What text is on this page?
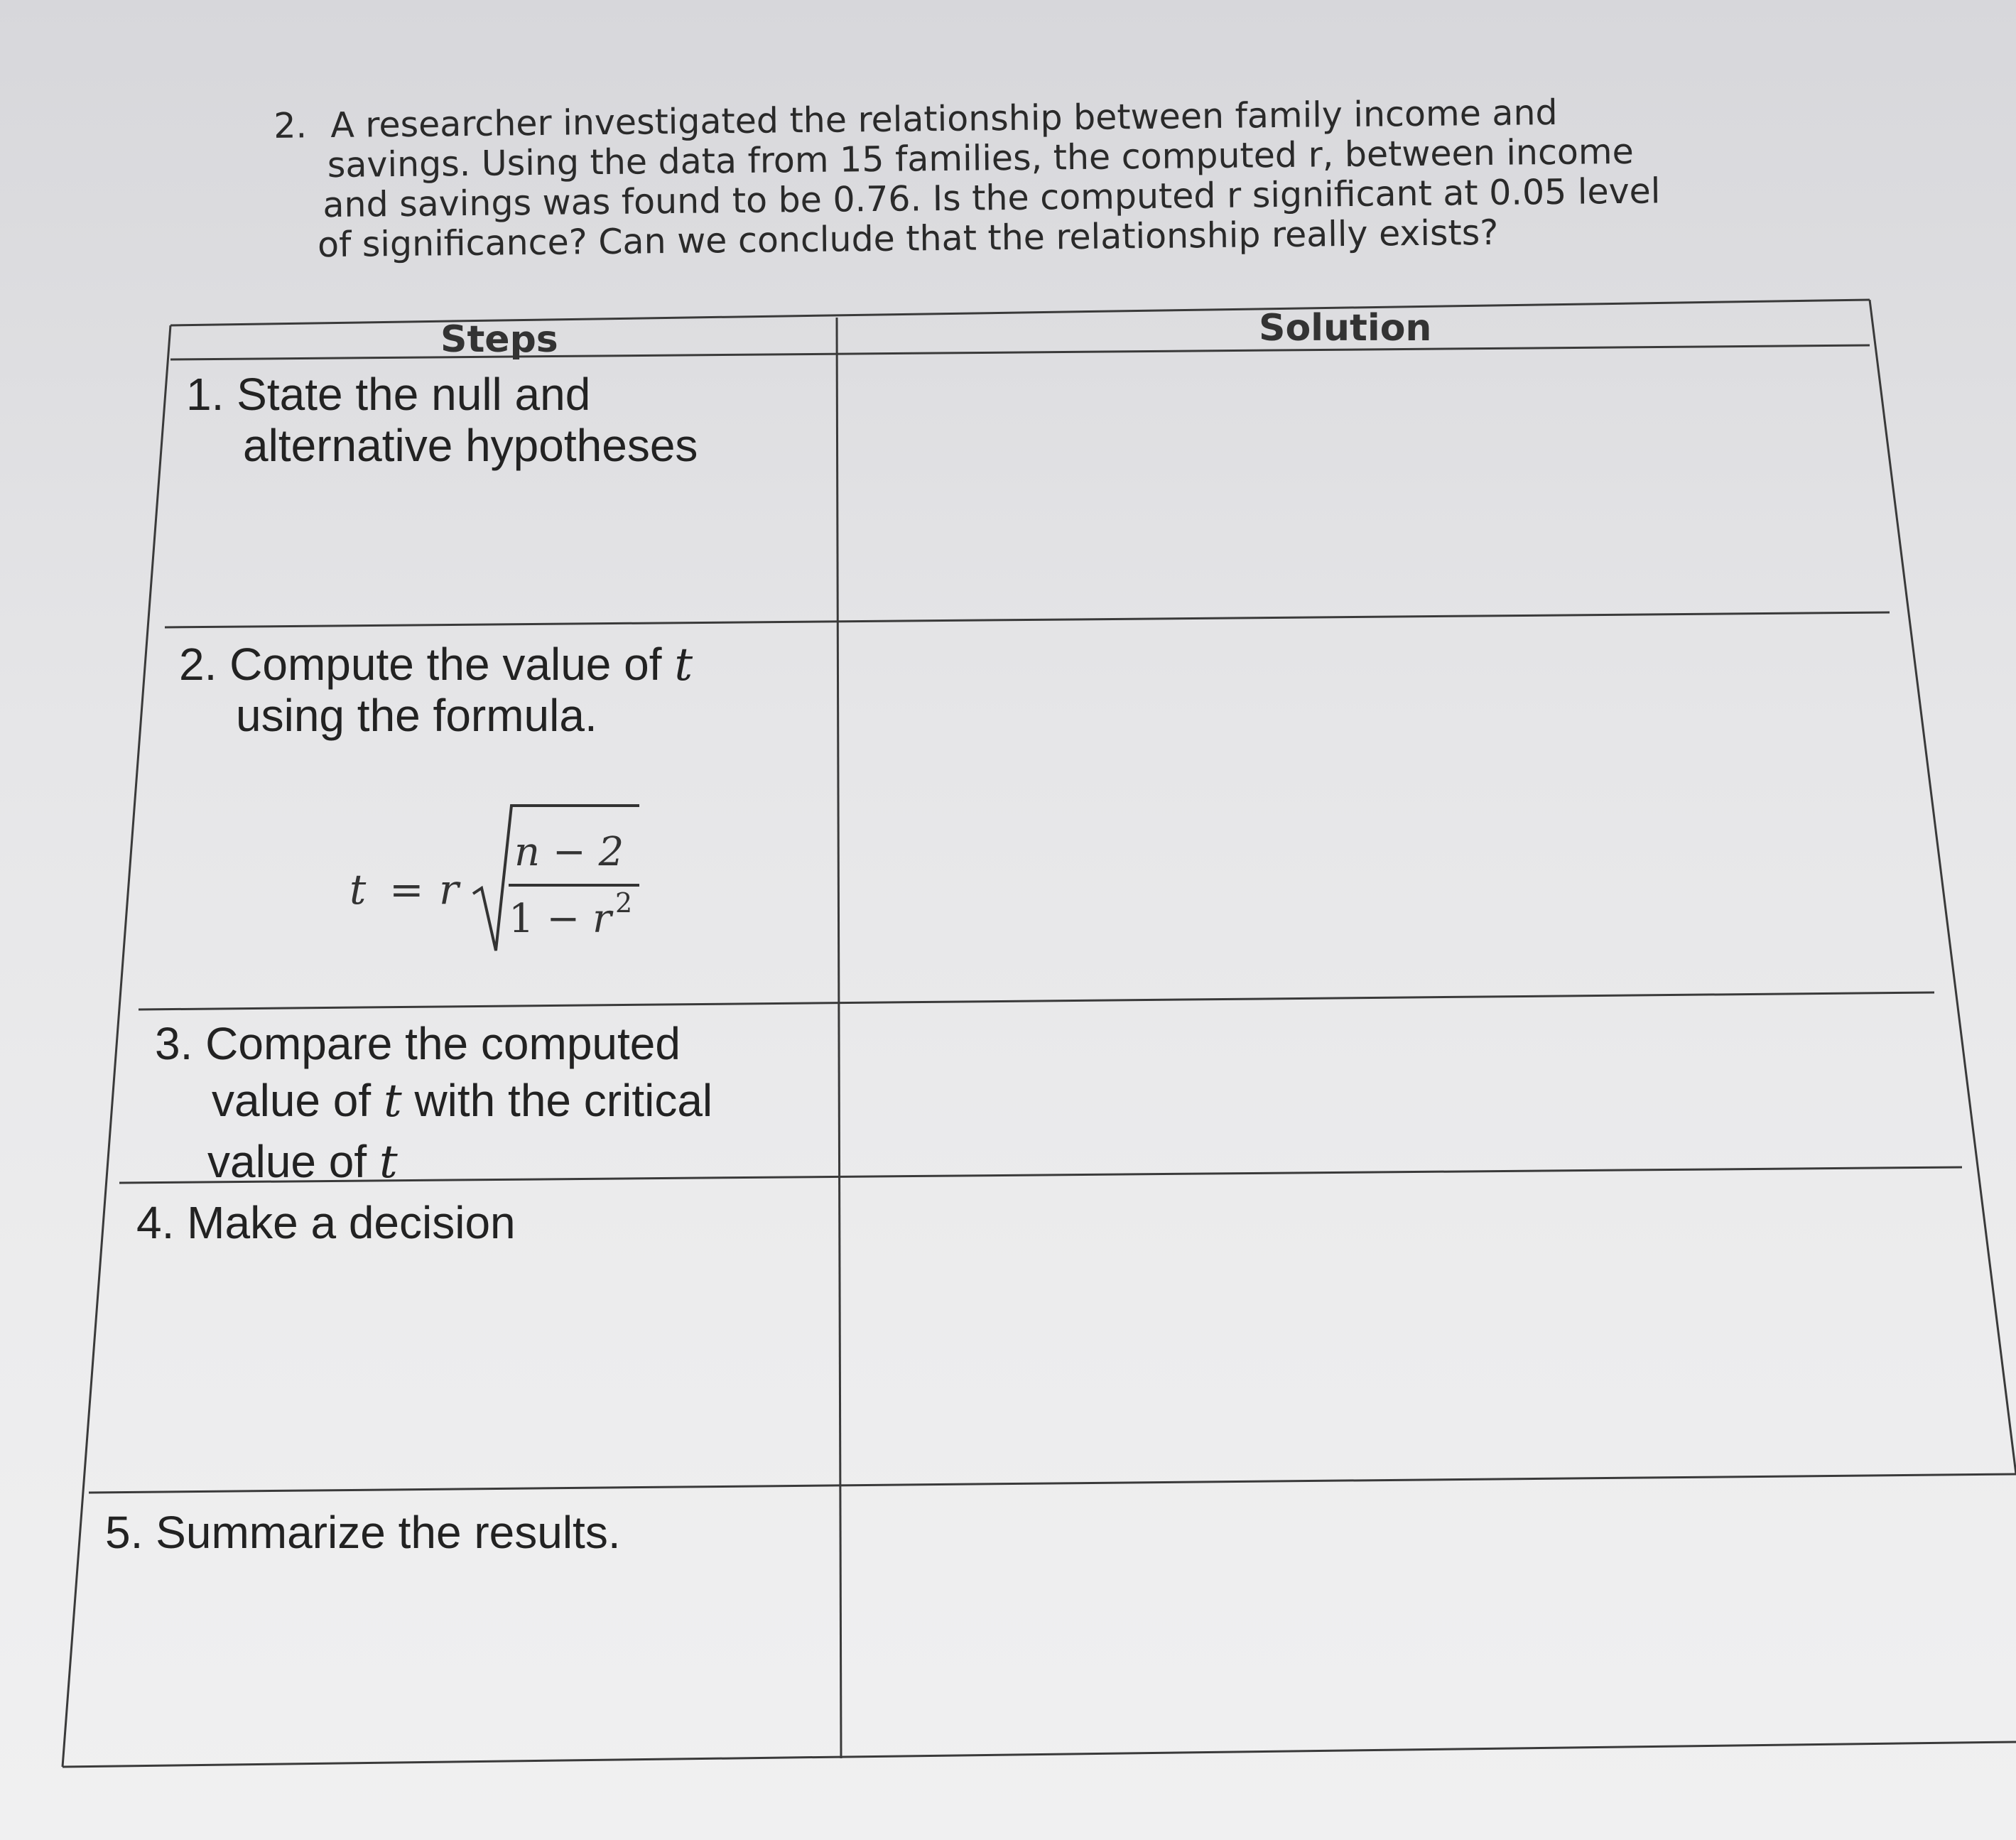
2. A researcher investigated the relationship between family income and
savings. Using the data from 15 families, the computed r, between income
and savings was found to be 0.76. Is the computed r significant at 0.05 level
of significance? Can we conclude that the relationship really exists?
Steps	Solution
1. State the null and
alternative hypotheses
2. Compute the value of t
using the formula.
t = r
n − 2
1 − r 2
3. Compare the computed
value of t with the critical
value of t
4. Make a decision
5. Summarize the results.
